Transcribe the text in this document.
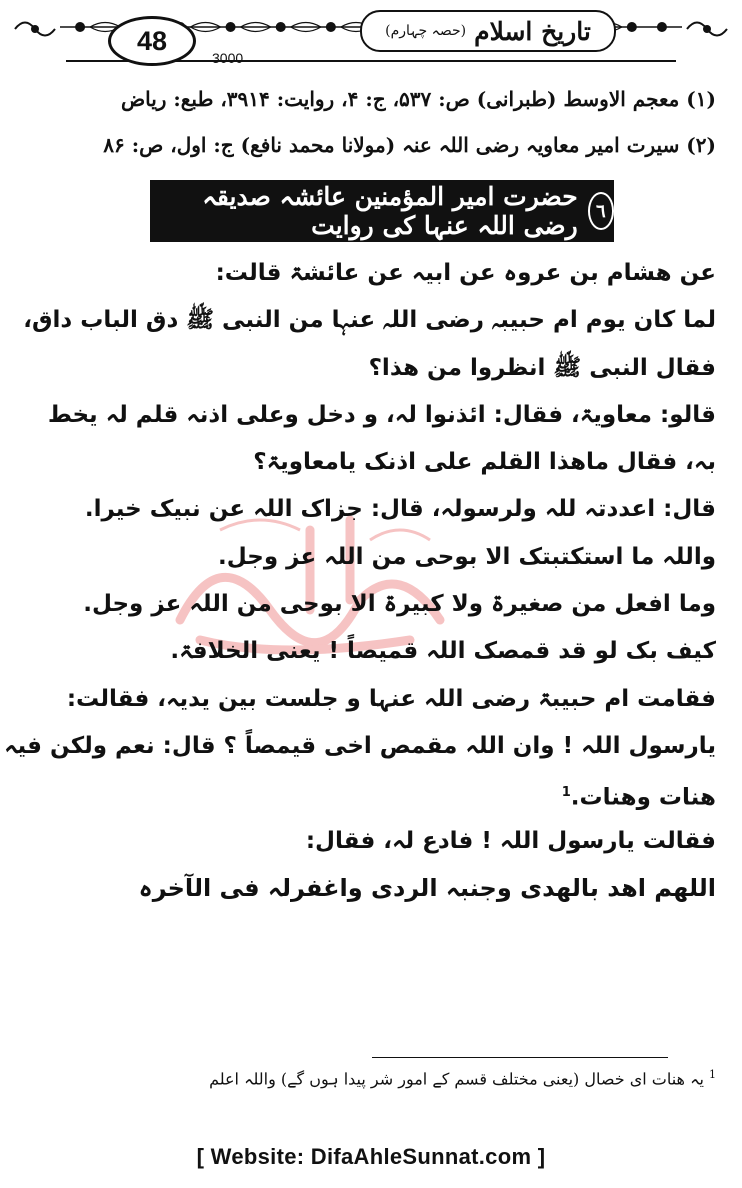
48
3000
تاریخ اسلام
(حصہ چہارم)
(۱) معجم الاوسط (طبرانی) ص: ۵۳۷، ج: ۴، روایت: ۳۹۱۴، طبع: ریاض
(۲) سیرت امیر معاویہ رضی اللہ عنہ (مولانا محمد نافع) ج: اول، ص: ۸۶
٦
حضرت امیر المؤمنین عائشہ صدیقہ رضی اللہ عنہا کی روایت
عن ھشام بن عروہ عن ابیہ عن عائشۃ قالت:
لما کان یوم ام حبیبہ رضی اللہ عنہا من النبی ﷺ دق الباب داق،
فقال النبی ﷺ انظروا من ھذا؟
قالو: معاویۃ، فقال: ائذنوا لہ، و دخل وعلی اذنہ قلم لہ یخط
بہ، فقال ماھذا القلم علی اذنک یامعاویۃ؟
قال: اعددتہ للہ ولرسولہ، قال: جزاک اللہ عن نبیک خیرا.
واللہ ما استکتبتک الا بوحی من اللہ عز وجل.
وما افعل من صغیرۃ ولا کبیرۃ الا بوحی من اللہ عز وجل.
کیف بک لو قد قمصک اللہ قمیصاً ! یعنی الخلافۃ.
فقامت ام حبیبۃ رضی اللہ عنہا و جلست بین یدیہ، فقالت:
یارسول اللہ ! وان اللہ مقمص اخی قیمصاً ؟ قال: نعم ولکن فیہ
ھنات وھنات.$^1$
فقالت یارسول اللہ ! فادع لہ، فقال:
اللھم اھد بالھدی وجنبہ الردی واغفرلہ فی الآخرہ
$^1$ یہ ھنات ای خصال (یعنی مختلف قسم کے امور شر پیدا ہوں گے) واللہ اعلم
[ Website: DifaAhleSunnat.com ]
